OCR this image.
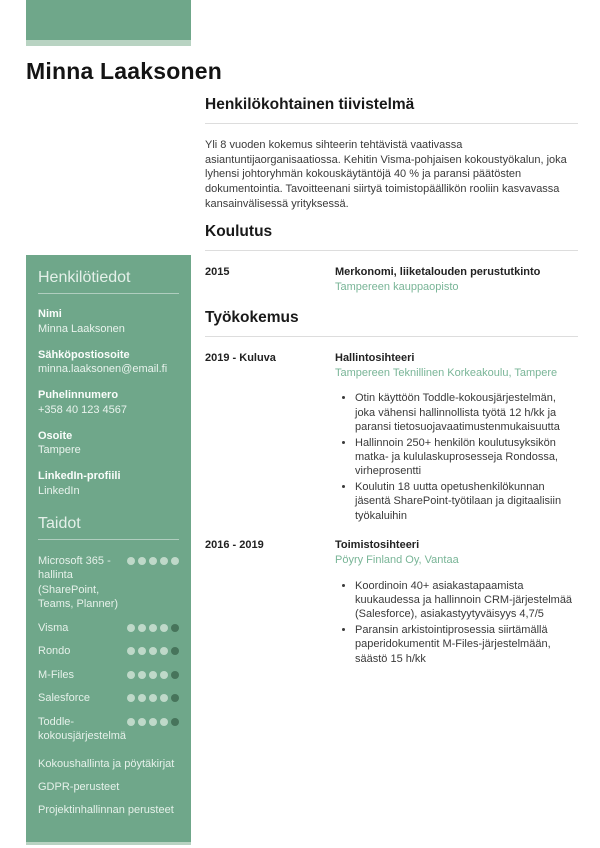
Minna Laaksonen
Henkilötiedot
Nimi
Minna Laaksonen
Sähköpostiosoite
minna.laaksonen@email.fi
Puhelinnumero
+358 40 123 4567
Osoite
Tampere
LinkedIn-profiili
LinkedIn
Taidot
Microsoft 365 - hallinta (SharePoint, Teams, Planner)
Visma
Rondo
M-Files
Salesforce
Toddle-kokousjärjestelmä
Kokoushallinta ja pöytäkirjat
GDPR-perusteet
Projektinhallinnan perusteet
Henkilökohtainen tiivistelmä

Yli 8 vuoden kokemus sihteerin tehtävistä vaativassa asiantuntijaorganisaatiossa. Kehitin Visma-pohjaisen kokoustyökalun, joka lyhensi johtoryhmän kokouskäytäntöjä 40 % ja paransi päätösten dokumentointia. Tavoitteenani siirtyä toimistopäällikön rooliin kasvavassa kansainvälisessä yrityksessä.

Koulutus
2015	Merkonomi, liiketalouden perustutkinto
Tampereen kauppaopisto
Työkokemus
2019 - Kuluva	Hallintosihteeri
Tampereen Teknillinen Korkeakoulu, Tampere
• Otin käyttöön Toddle-kokousjärjestelmän, joka vähensi hallinnollista työtä 12 h/kk ja paransi tietosuojavaatimustenmukaisuutta
• Hallinnoin 250+ henkilön koulutusyksikön matka- ja kululaskuprosesseja Rondossa, virheprosentti
• Koulutin 18 uutta opetushenkilökunnan jäsentä SharePoint-työtilaan ja digitaalisiin työkaluihin
2016 - 2019	Toimistosihteeri
Pöyry Finland Oy, Vantaa
• Koordinoin 40+ asiakastapaamista kuukaudessa ja hallinnoin CRM-järjestelmää (Salesforce), asiakastyytyväisyys 4,7/5
• Paransin arkistointiprosessia siirtämällä paperidokumentit M-Files-järjestelmään, säästö 15 h/kk
